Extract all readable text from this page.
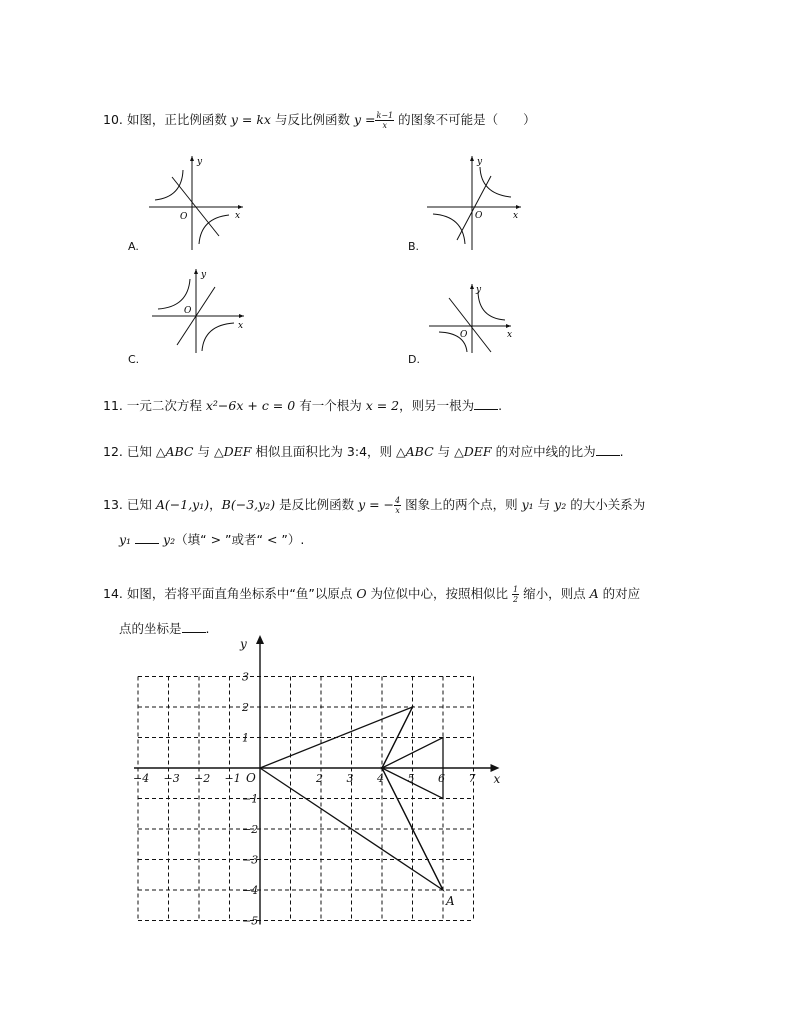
10. 如图，正比例函数 y = kx 与反比例函数 $y = \frac{k-1}{x}$ 的图象不可能是（　　）
y
x
O
A.
y
x
O
B.
y
x
O
C.
y
x
O
D.
11. 一元二次方程 x²−6x + c = 0 有一个根为 x = 2，则另一根为 .
12. 已知 △ABC 与 △DEF 相似且面积比为 3:4，则 △ABC 与 △DEF 的对应中线的比为 .
13. 已知 A(−1,y₁)，B(−3,y₂) 是反比例函数 y = − $\frac{4}{x}$ 图象上的两个点，则 y₁ 与 y₂ 的大小关系为
y₁	y₂（填“ > ”或者“ < ”）.
14. 如图，若将平面直角坐标系中“鱼”以原点 O 为位似中心，按照相似比 $\frac{1}{2}$ 缩小，则点 A 的对应
点的坐标是 .
−4 −3 −2 −1	2 3 4 5 6 7
3
2
1
−1
−2
−3
−4
−5
x
y
O
A
